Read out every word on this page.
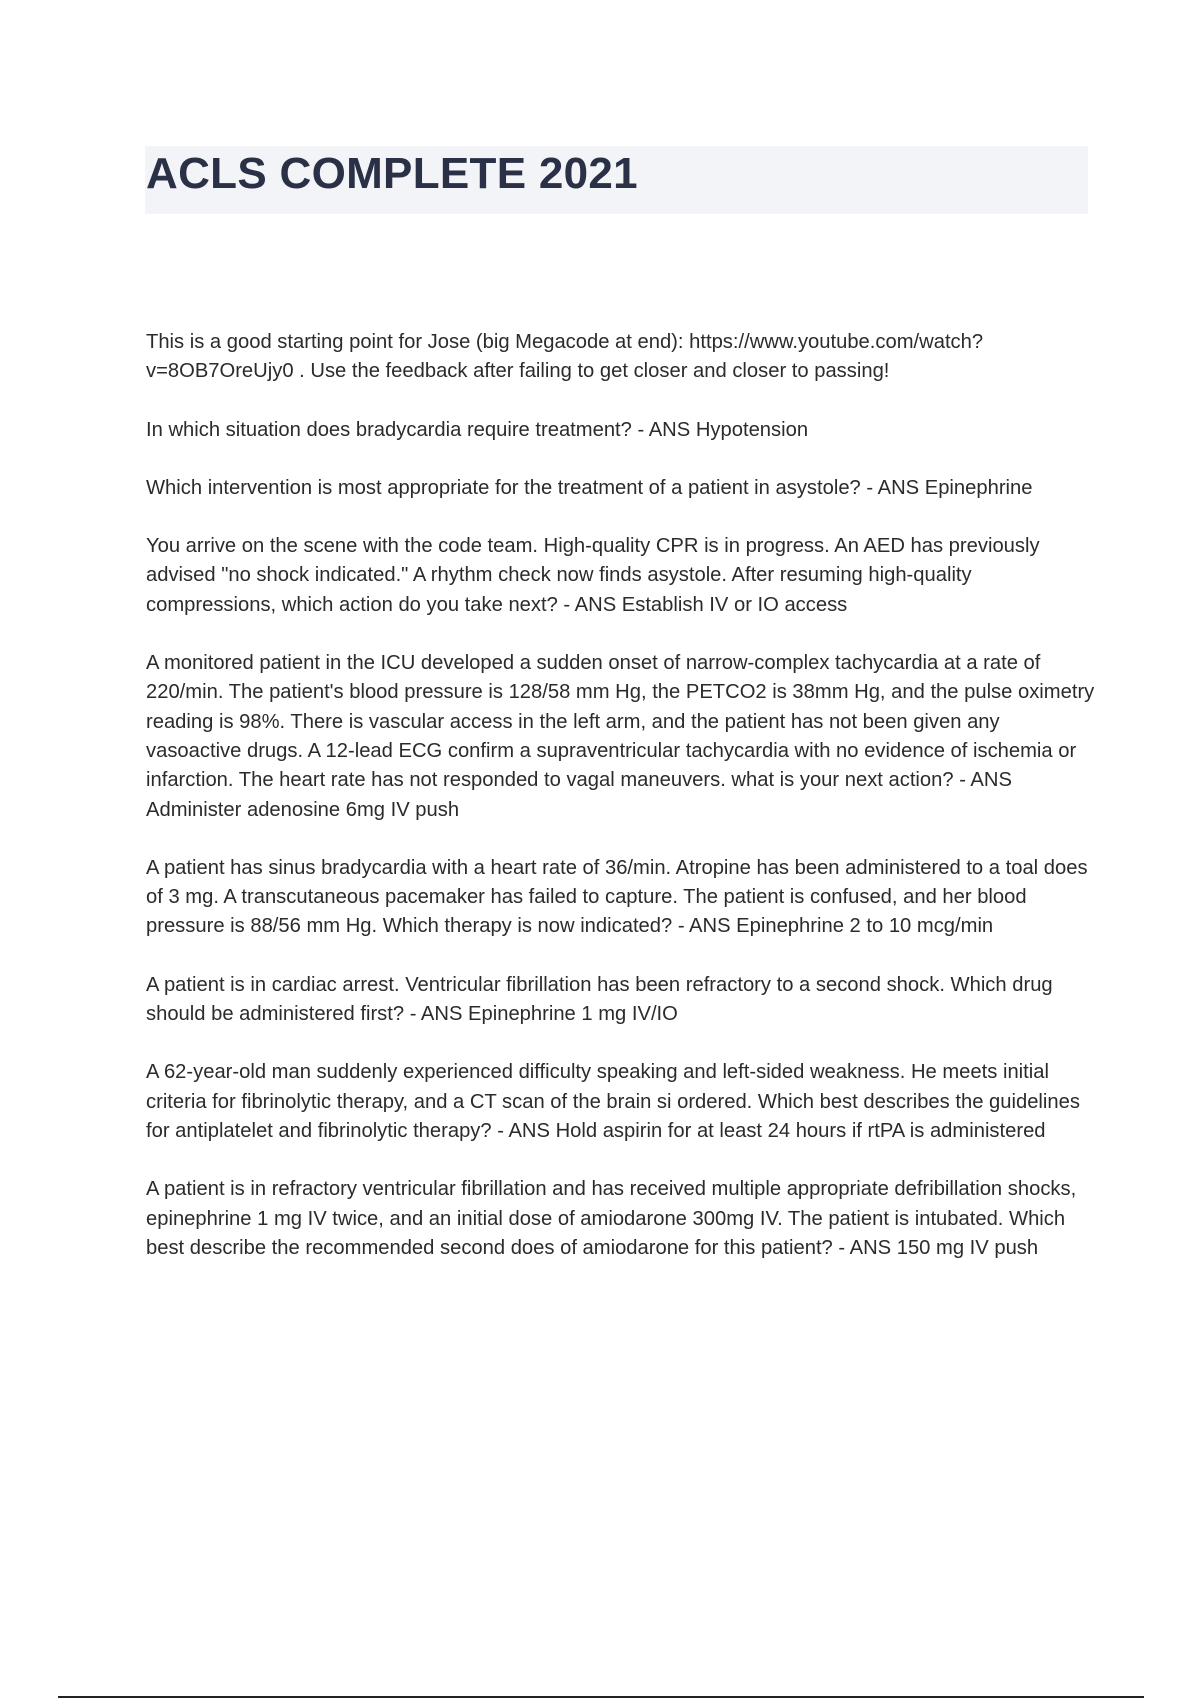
ACLS COMPLETE 2021

This is a good starting point for Jose (big Megacode at end): https://www.youtube.com/watch?v=8OB7OreUjy0 . Use the feedback after failing to get closer and closer to passing!

In which situation does bradycardia require treatment? - ANS Hypotension

Which intervention is most appropriate for the treatment of a patient in asystole? - ANS Epinephrine

You arrive on the scene with the code team. High-quality CPR is in progress. An AED has previously advised "no shock indicated." A rhythm check now finds asystole. After resuming high-quality compressions, which action do you take next? - ANS Establish IV or IO access

A monitored patient in the ICU developed a sudden onset of narrow-complex tachycardia at a rate of 220/min. The patient's blood pressure is 128/58 mm Hg, the PETCO2 is 38mm Hg, and the pulse oximetry reading is 98%. There is vascular access in the left arm, and the patient has not been given any vasoactive drugs. A 12-lead ECG confirm a supraventricular tachycardia with no evidence of ischemia or infarction. The heart rate has not responded to vagal maneuvers. what is your next action? - ANS Administer adenosine 6mg IV push

A patient has sinus bradycardia with a heart rate of 36/min. Atropine has been administered to a toal does of 3 mg. A transcutaneous pacemaker has failed to capture. The patient is confused, and her blood pressure is 88/56 mm Hg. Which therapy is now indicated? - ANS Epinephrine 2 to 10 mcg/min

A patient is in cardiac arrest. Ventricular fibrillation has been refractory to a second shock. Which drug should be administered first? - ANS Epinephrine 1 mg IV/IO

A 62-year-old man suddenly experienced difficulty speaking and left-sided weakness. He meets initial criteria for fibrinolytic therapy, and a CT scan of the brain si ordered. Which best describes the guidelines for antiplatelet and fibrinolytic therapy? - ANS Hold aspirin for at least 24 hours if rtPA is administered

A patient is in refractory ventricular fibrillation and has received multiple appropriate defribillation shocks, epinephrine 1 mg IV twice, and an initial dose of amiodarone 300mg IV. The patient is intubated. Which best describe the recommended second does of amiodarone for this patient? - ANS 150 mg IV push
